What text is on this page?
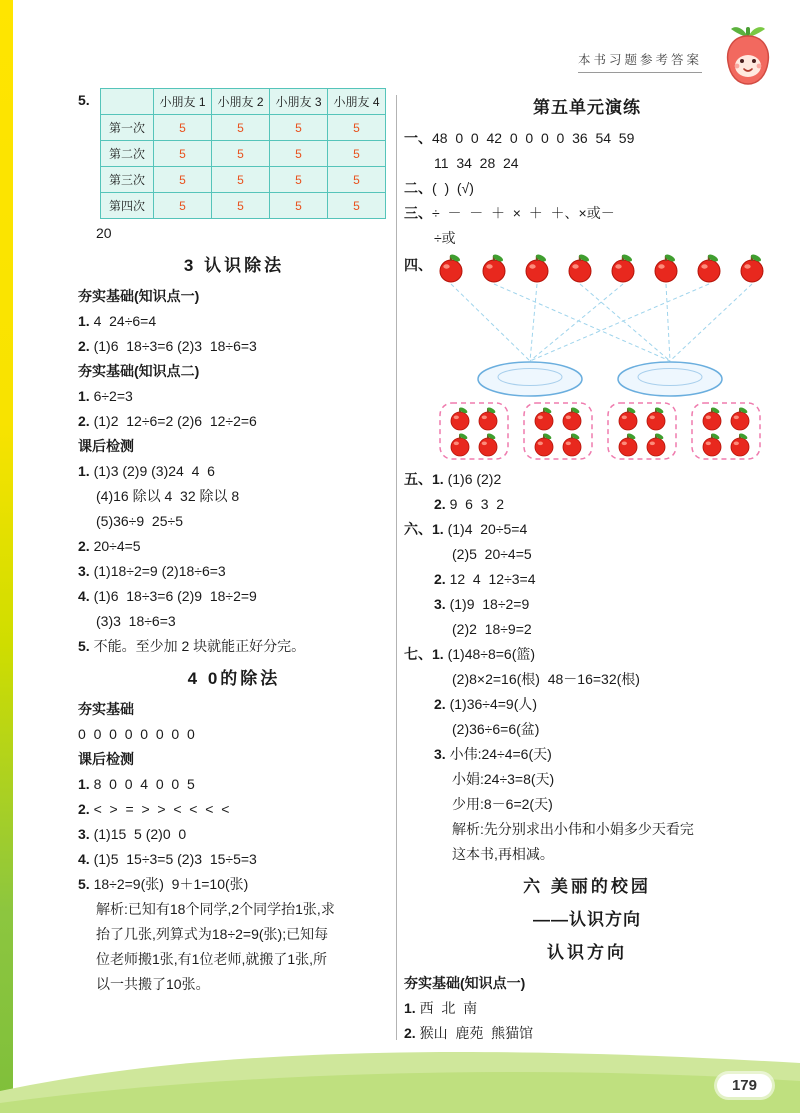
本书习题参考答案
5.
		小朋友 1	小朋友 2	小朋友 3	小朋友 4
第一次	5	5	5	5
第二次	5	5	5	5
第三次	5	5	5	5
第四次	5	5	5	5
20
3 认识除法
夯实基础(知识点一)
1. 4  24÷6=4
2. (1)6  18÷3=6 (2)3  18÷6=3
夯实基础(知识点二)
1. 6÷2=3
2. (1)2  12÷6=2 (2)6  12÷2=6
课后检测
1. (1)3 (2)9 (3)24  4  6
(4)16 除以 4  32 除以 8
(5)36÷9  25÷5
2. 20÷4=5
3. (1)18÷2=9 (2)18÷6=3
4. (1)6  18÷3=6 (2)9  18÷2=9
(3)3  18÷6=3
5. 不能。至少加 2 块就能正好分完。
4 0的除法
夯实基础
0  0  0  0  0  0  0  0
课后检测
1. 8  0  0  4  0  0  5
2. <  >  =  >  >  <  <  <  <
3. (1)15  5 (2)0  0
4. (1)5  15÷3=5 (2)3  15÷5=3
5. 18÷2=9(张)  9＋1=10(张)
解析:已知有18个同学,2个同学抬1张,求
抬了几张,列算式为18÷2=9(张);已知每
位老师搬1张,有1位老师,就搬了1张,所
以一共搬了10张。
第五单元演练
一、48  0  0  42  0  0  0  0  36  54  59
11  34  28  24
二、(  )  (√)
三、÷  －  －  ＋  ×  ＋  ＋、×或－
÷或
四、
五、1. (1)6 (2)2
2. 9  6  3  2
六、1. (1)4  20÷5=4
(2)5  20÷4=5
2. 12  4  12÷3=4
3. (1)9  18÷2=9
(2)2  18÷9=2
七、1. (1)48÷8=6(篮)
(2)8×2=16(根)  48－16=32(根)
2. (1)36÷4=9(人)
(2)36÷6=6(盆)
3. 小伟:24÷4=6(天)
小娟:24÷3=8(天)
少用:8－6=2(天)
解析:先分别求出小伟和小娟多少天看完
这本书,再相减。
六 美丽的校园
——认识方向
认识方向
夯实基础(知识点一)
1. 西  北  南
2. 猴山  鹿苑  熊猫馆
179
